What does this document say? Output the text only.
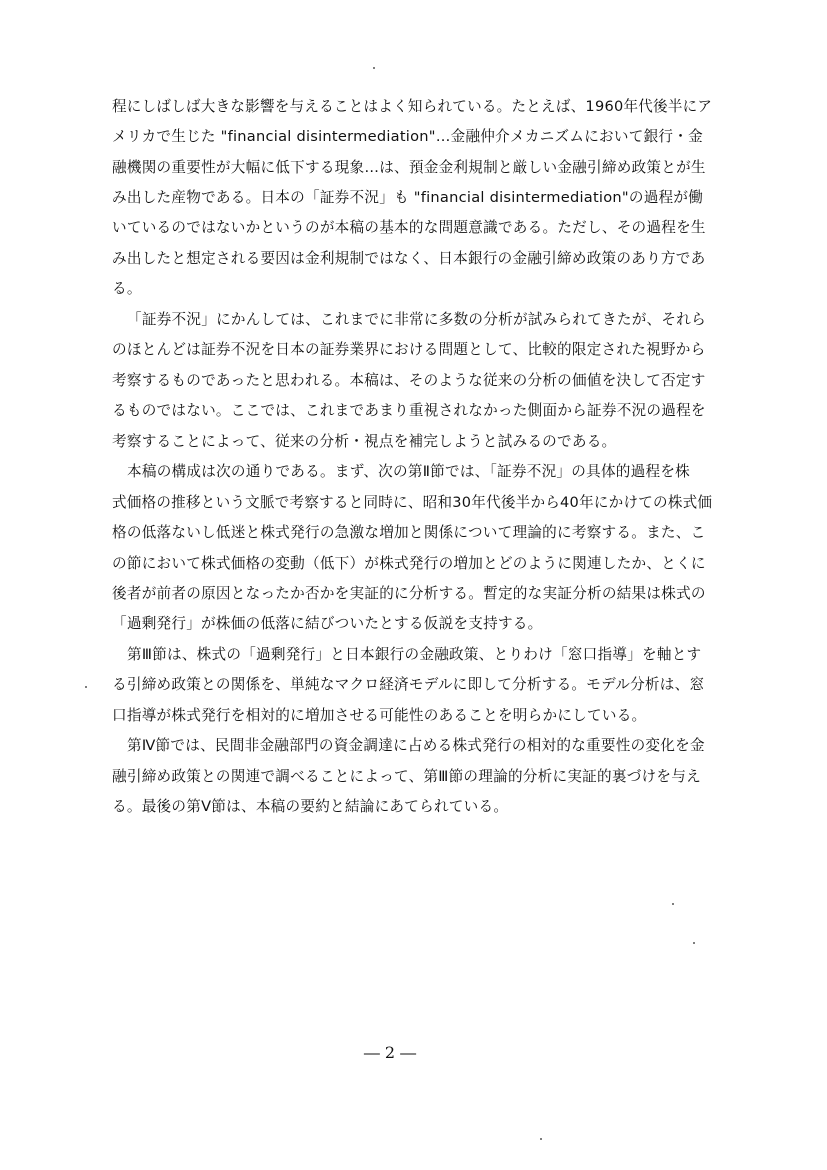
程にしばしば大きな影響を与えることはよく知られている。たとえば、1960年代後半にア
メリカで生じた "financial disintermediation"…金融仲介メカニズムにおいて銀行・金
融機関の重要性が大幅に低下する現象…は、預金金利規制と厳しい金融引締め政策とが生
み出した産物である。日本の「証券不況」も "financial disintermediation"の過程が働
いているのではないかというのが本稿の基本的な問題意識である。ただし、その過程を生
み出したと想定される要因は金利規制ではなく、日本銀行の金融引締め政策のあり方であ
る。
「証券不況」にかんしては、これまでに非常に多数の分析が試みられてきたが、それら
のほとんどは証券不況を日本の証券業界における問題として、比較的限定された視野から
考察するものであったと思われる。本稿は、そのような従来の分析の価値を決して否定す
るものではない。ここでは、これまであまり重視されなかった側面から証券不況の過程を
考察することによって、従来の分析・視点を補完しようと試みるのである。
本稿の構成は次の通りである。まず、次の第Ⅱ節では、「証券不況」の具体的過程を株
式価格の推移という文脈で考察すると同時に、昭和30年代後半から40年にかけての株式価
格の低落ないし低迷と株式発行の急激な増加と関係について理論的に考察する。また、こ
の節において株式価格の変動（低下）が株式発行の増加とどのように関連したか、とくに
後者が前者の原因となったか否かを実証的に分析する。暫定的な実証分析の結果は株式の
「過剰発行」が株価の低落に結びついたとする仮説を支持する。
第Ⅲ節は、株式の「過剰発行」と日本銀行の金融政策、とりわけ「窓口指導」を軸とす
る引締め政策との関係を、単純なマクロ経済モデルに即して分析する。モデル分析は、窓
口指導が株式発行を相対的に増加させる可能性のあることを明らかにしている。
第Ⅳ節では、民間非金融部門の資金調達に占める株式発行の相対的な重要性の変化を金
融引締め政策との関連で調べることによって、第Ⅲ節の理論的分析に実証的裏づけを与え
る。最後の第Ⅴ節は、本稿の要約と結論にあてられている。
― 2 ―
